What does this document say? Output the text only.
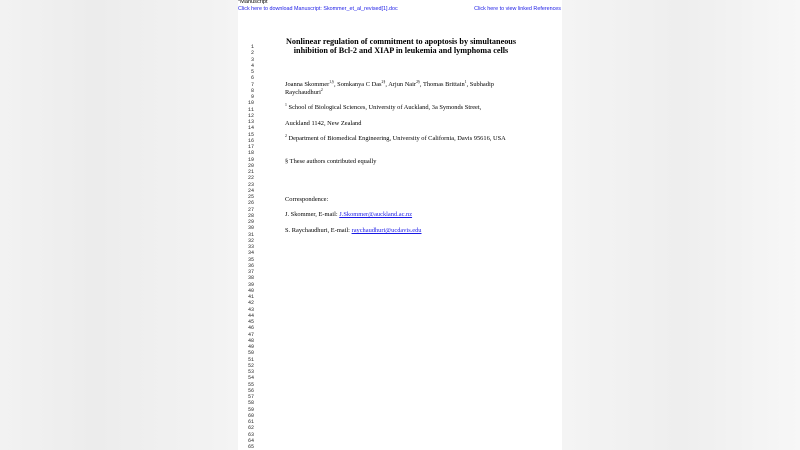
*Manuscript
Click here to download Manuscript: Skommer_et_al_revised[1].doc	Click here to view linked References
1
2
3
4
5
6
7
8
9
10
11
12
13
14
15
16
17
18
19
20
21
22
23
24
25
26
27
28
29
30
31
32
33
34
35
36
37
38
39
40
41
42
43
44
45
46
47
48
49
50
51
52
53
54
55
56
57
58
59
60
61
62
63
64
65
Nonlinear regulation of commitment to apoptosis by simultaneous inhibition of Bcl-2 and XIAP in leukemia and lymphoma cells
Joanna Skommer$^{1,\S}$, Somkanya C Das$^{2\S}$, Arjun Nair$^{2\S}$, Thomas Brittain$^1$, Subhadip Raychaudhuri$^2$
$^1$ School of Biological Sciences, University of Auckland, 3a Symonds Street,
Auckland 1142, New Zealand
$^2$ Department of Biomedical Engineering, University of California, Davis 95616, USA
§ These authors contributed equally
Correspondence:
J. Skommer, E-mail: J.Skommer@auckland.ac.nz
S. Raychaudhuri, E-mail: raychaudhuri@ucdavis.edu
